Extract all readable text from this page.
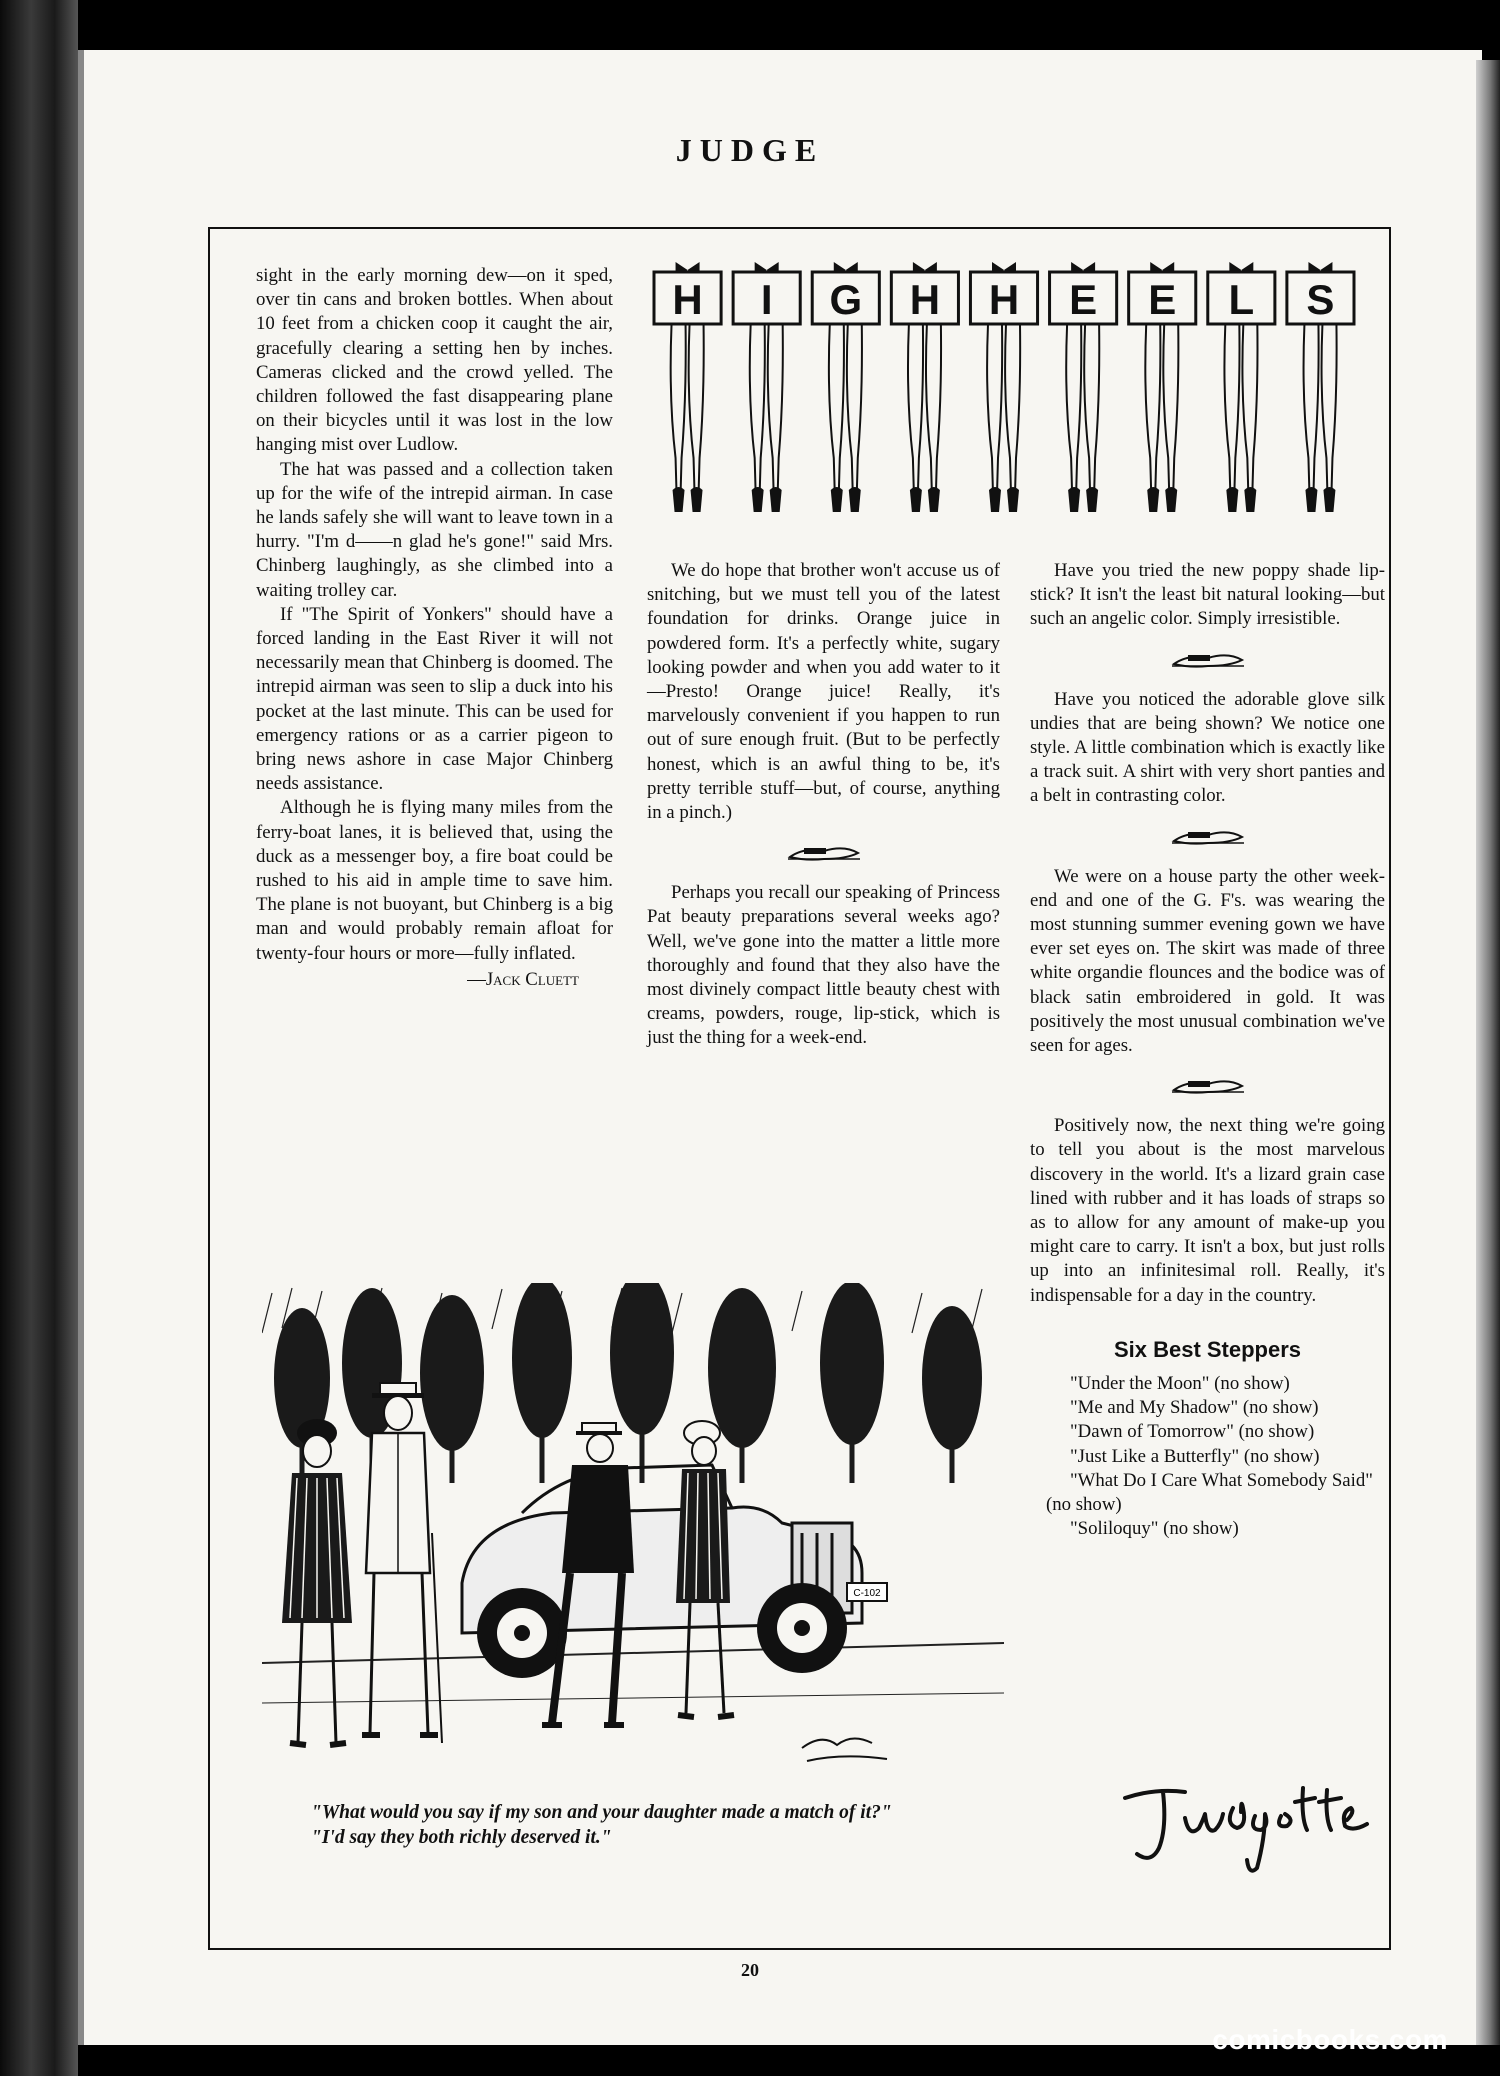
JUDGE

sight in the early morning dew—on it sped, over tin cans and broken bottles. When about 10 feet from a chicken coop it caught the air, gracefully clearing a setting hen by inches. Cameras clicked and the crowd yelled. The children followed the fast disappearing plane on their bicycles until it was lost in the low hanging mist over Ludlow.

The hat was passed and a collection taken up for the wife of the intrepid airman. In case he lands safely she will want to leave town in a hurry. "I'm d——n glad he's gone!" said Mrs. Chinberg laughingly, as she climbed into a waiting trolley car.

If "The Spirit of Yonkers" should have a forced landing in the East River it will not necessarily mean that Chinberg is doomed. The intrepid airman was seen to slip a duck into his pocket at the last minute. This can be used for emergency rations or as a carrier pigeon to bring news ashore in case Major Chinberg needs assistance.

Although he is flying many miles from the ferry-boat lanes, it is believed that, using the duck as a messenger boy, a fire boat could be rushed to his aid in ample time to save him. The plane is not buoyant, but Chinberg is a big man and would probably remain afloat for twenty-four hours or more—fully inflated.

—Jack Cluett
H I G H H E E L S

We do hope that brother won't accuse us of snitching, but we must tell you of the latest foundation for drinks. Orange juice in powdered form. It's a perfectly white, sugary looking powder and when you add water to it—Presto! Orange juice! Really, it's marvelously convenient if you happen to run out of sure enough fruit. (But to be perfectly honest, which is an awful thing to be, it's pretty terrible stuff—but, of course, anything in a pinch.)

Perhaps you recall our speaking of Princess Pat beauty preparations several weeks ago? Well, we've gone into the matter a little more thoroughly and found that they also have the most divinely compact little beauty chest with creams, powders, rouge, lip-stick, which is just the thing for a week-end.

Have you tried the new poppy shade lip-stick? It isn't the least bit natural looking—but such an angelic color. Simply irresistible.

Have you noticed the adorable glove silk undies that are being shown? We notice one style. A little combination which is exactly like a track suit. A shirt with very short panties and a belt in contrasting color.

We were on a house party the other week-end and one of the G. F's. was wearing the most stunning summer evening gown we have ever set eyes on. The skirt was made of three white organdie flounces and the bodice was of black satin embroidered in gold. It was positively the most unusual combination we've seen for ages.

Positively now, the next thing we're going to tell you about is the most marvelous discovery in the world. It's a lizard grain case lined with rubber and it has loads of straps so as to allow for any amount of make-up you might care to carry. It isn't a box, but just rolls up into an infinitesimal roll. Really, it's indispensable for a day in the country.

Six Best Steppers

"Under the Moon" (no show)

"Me and My Shadow" (no show)

"Dawn of Tomorrow" (no show)

"Just Like a Butterfly" (no show)

"What Do I Care What Somebody Said" (no show)

"Soliloquy" (no show)

C-102

"What would you say if my son and your daughter made a match of it?"

"I'd say they both richly deserved it."

20
comicbooks.com
